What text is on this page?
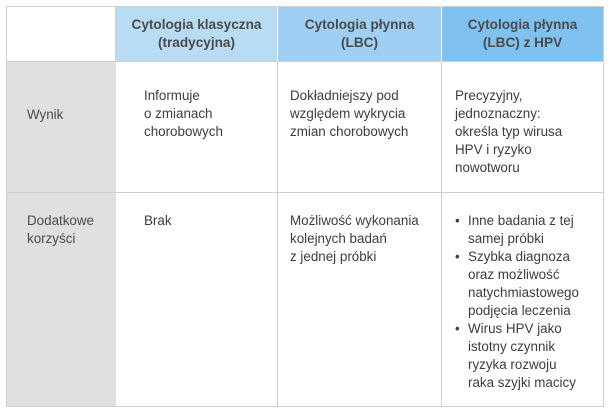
Cytologia klasyczna
(tradycyjna)
Cytologia płynna
(LBC)
Cytologia płynna
(LBC) z HPV
Wynik
Informuje
o zmianach
chorobowych
Dokładniejszy pod
względem wykrycia
zmian chorobowych
Precyzyjny,
jednoznaczny:
określa typ wirusa
HPV i ryzyko
nowotworu
Dodatkowe
korzyści
Brak	Możliwość wykonania
kolejnych badań
z jednej próbki
• Inne badania z tej
samej próbki
• Szybka diagnoza
oraz możliwość
natychmiastowego
podjęcia leczenia
• Wirus HPV jako
istotny czynnik
ryzyka rozwoju
raka szyjki macicy
